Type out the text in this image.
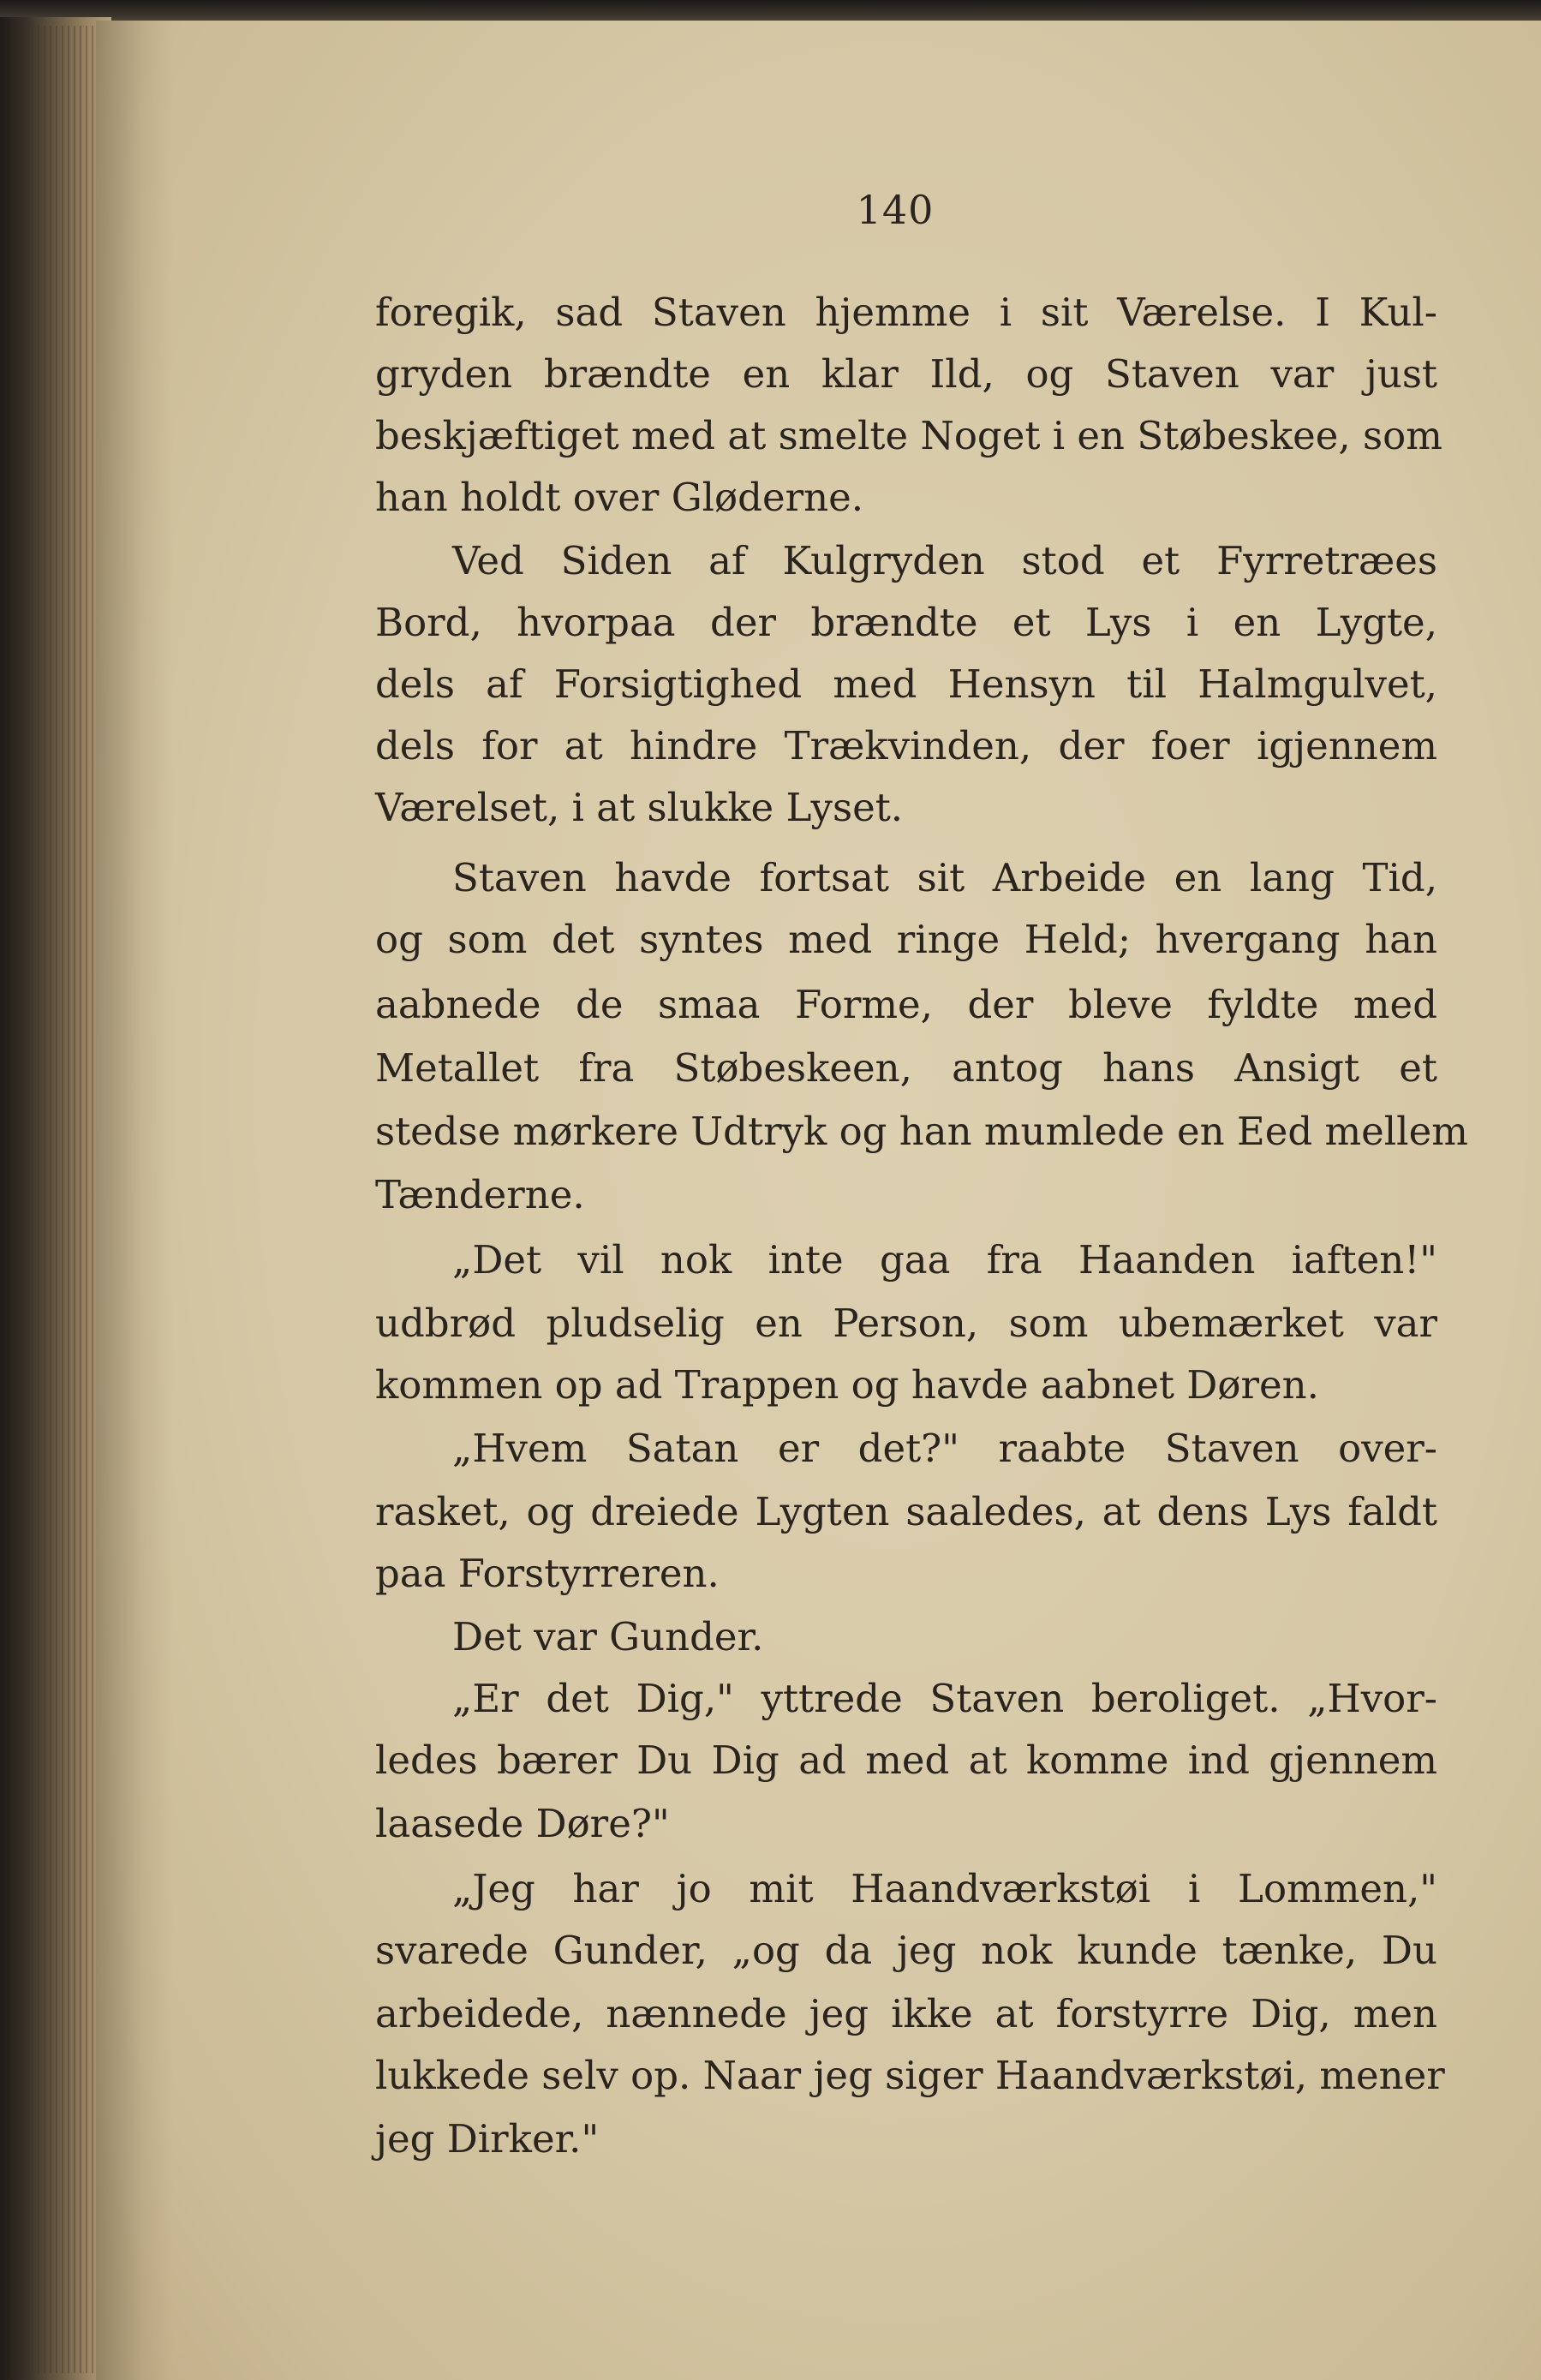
140
foregik, sad Staven hjemme i sit Værelse. I Kul-
gryden brændte en klar Ild, og Staven var just
beskjæftiget med at smelte Noget i en Støbeskee, som
han holdt over Gløderne.
Ved Siden af Kulgryden stod et Fyrretræes
Bord, hvorpaa der brændte et Lys i en Lygte,
dels af Forsigtighed med Hensyn til Halmgulvet,
dels for at hindre Trækvinden, der foer igjennem
Værelset, i at slukke Lyset.
Staven havde fortsat sit Arbeide en lang Tid,
og som det syntes med ringe Held; hvergang han
aabnede de smaa Forme, der bleve fyldte med
Metallet fra Støbeskeen, antog hans Ansigt et
stedse mørkere Udtryk og han mumlede en Eed mellem
Tænderne.
„Det vil nok inte gaa fra Haanden iaften!"
udbrød pludselig en Person, som ubemærket var
kommen op ad Trappen og havde aabnet Døren.
„Hvem Satan er det?" raabte Staven over-
rasket, og dreiede Lygten saaledes, at dens Lys faldt
paa Forstyrreren.
Det var Gunder.
„Er det Dig," yttrede Staven beroliget. „Hvor-
ledes bærer Du Dig ad med at komme ind gjennem
laasede Døre?"
„Jeg har jo mit Haandværkstøi i Lommen,"
svarede Gunder, „og da jeg nok kunde tænke, Du
arbeidede, nænnede jeg ikke at forstyrre Dig, men
lukkede selv op. Naar jeg siger Haandværkstøi, mener
jeg Dirker."
